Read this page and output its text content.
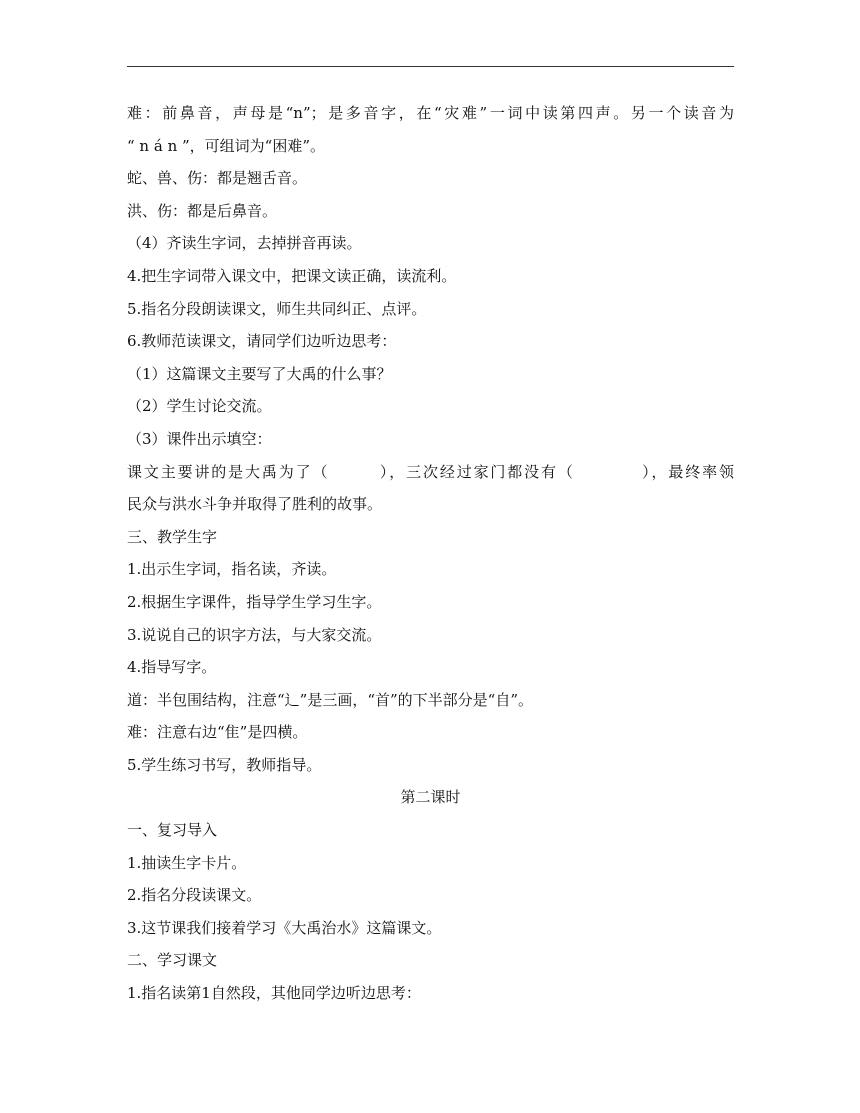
难：前鼻音，声母是“n”；是多音字，在“灾难”一词中读第四声。另一个读音为
“ n á n ”，可组词为“困难”。
蛇、兽、伤：都是翘舌音。
洪、伤：都是后鼻音。
（4）齐读生字词，去掉拼音再读。
4.把生字词带入课文中，把课文读正确，读流利。
5.指名分段朗读课文，师生共同纠正、点评。
6.教师范读课文，请同学们边听边思考：
（1）这篇课文主要写了大禹的什么事？
（2）学生讨论交流。
（3）课件出示填空：
课文主要讲的是大禹为了（　　　），三次经过家门都没有（　　　　），最终率领
民众与洪水斗争并取得了胜利的故事。
三、教学生字
1.出示生字词，指名读，齐读。
2.根据生字课件，指导学生学习生字。
3.说说自己的识字方法，与大家交流。
4.指导写字。
道：半包围结构，注意“辶”是三画，“首”的下半部分是“自”。
难：注意右边“隹”是四横。
5.学生练习书写，教师指导。
第二课时
一、复习导入
1.抽读生字卡片。
2.指名分段读课文。
3.这节课我们接着学习《大禹治水》这篇课文。
二、学习课文
1.指名读第1自然段，其他同学边听边思考：
